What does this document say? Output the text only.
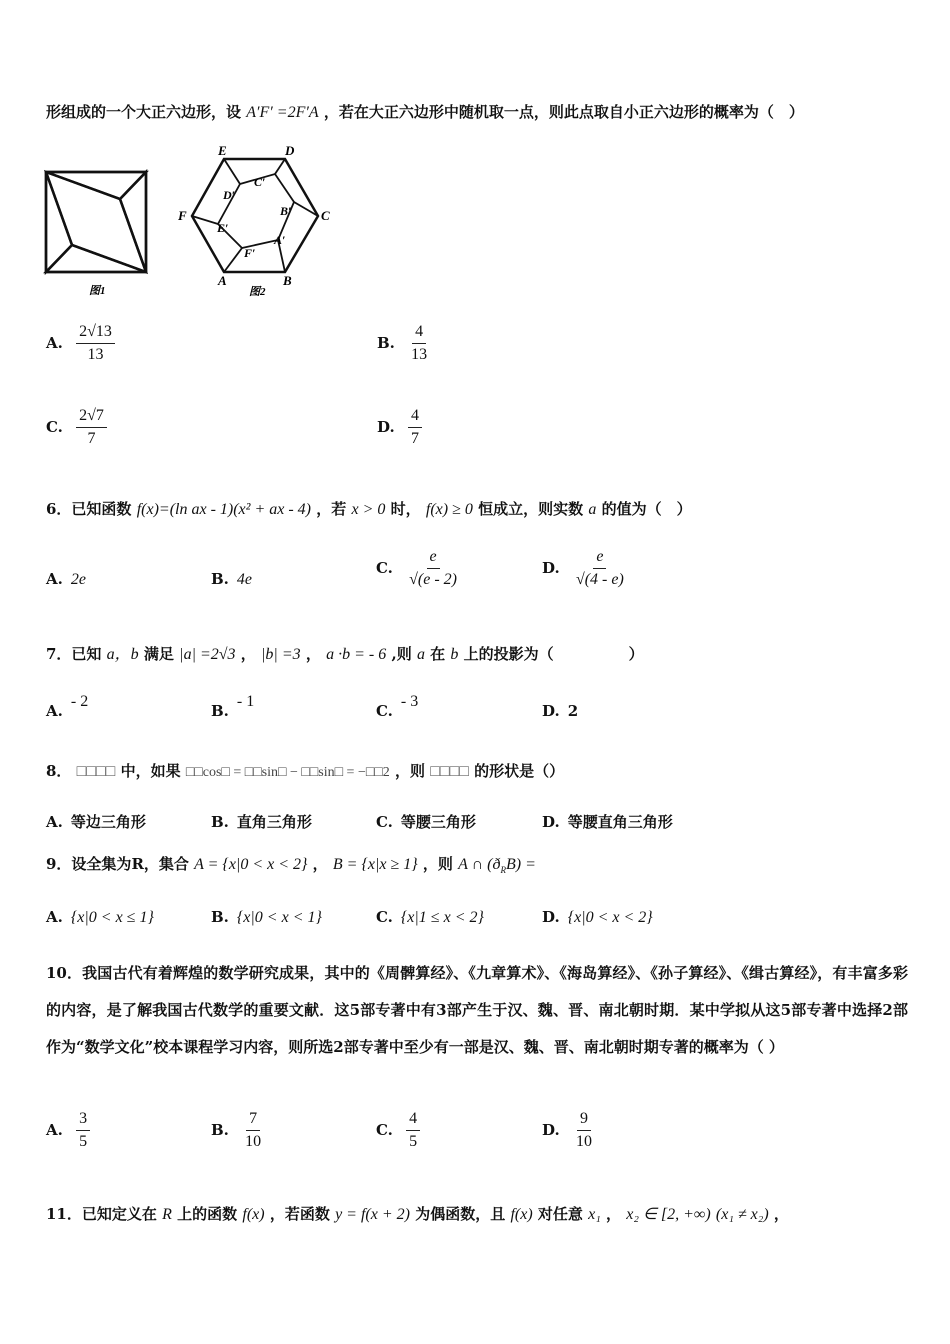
形组成的一个大正六边形，设 A′F′ =2F′A ，若在大正六边形中随机取一点，则此点取自小正六边形的概率为（　）
图1
E	D
C
B
A
F
D′
C′
B′
A′
F′
E′
图2
A. $\frac{2√13}{13}$	B. $\frac{4}{13}$
C. $\frac{2√7}{7}$	D. $\frac{4}{7}$
6．已知函数 f(x)=(ln ax - 1)(x² + ax - 4) ，若 x > 0 时， f(x) ≥ 0 恒成立，则实数 a 的值为（　）
A. 2e	B. 4e
C. $\frac{e}{√(e - 2)}$	D. $\frac{e}{√(4 - e)}$
7．已知 a，b 满足 |a| =2√3 ， |b| =3 ， a ·b = - 6 ,则 a 在 b 上的投影为（　　　　　）
A.- 2
B.- 1
C.- 3
D. 2
8． □□□□ 中，如果 □□cos□ = □□sin□ − □□sin□ = −□□2 ，则 □□□□ 的形状是（）
A. 等边三角形	B. 直角三角形	C. 等腰三角形	D. 等腰直角三角形
9．设全集为R，集合 A = {x|0 < x < 2} ， B = {x|x ≥ 1} ，则 A ∩ $(ð_RB)$ =
A. {x|0 < x ≤ 1}	B. {x|0 < x < 1}	C. {x|1 ≤ x < 2}	D. {x|0 < x < 2}
10．我国古代有着辉煌的数学研究成果，其中的《周髀算经》、《九章算术》、《海岛算经》、《孙子算经》、《缉古算经》，有丰富多彩的内容，是了解我国古代数学的重要文献．这5部专著中有3部产生于汉、魏、晋、南北朝时期．某中学拟从这5部专著中选择2部作为“数学文化”校本课程学习内容，则所选2部专著中至少有一部是汉、魏、晋、南北朝时期专著的概率为（ ）
A. $\frac{3}{5}$	B. $\frac{7}{10}$	C. $\frac{4}{5}$	D. $\frac{9}{10}$
11．已知定义在 R 上的函数 f(x) ，若函数 y = f(x + 2) 为偶函数，且 f(x) 对任意 x₁ ， x₂ ∈ [2, +∞) (x₁ ≠ x₂) ，
